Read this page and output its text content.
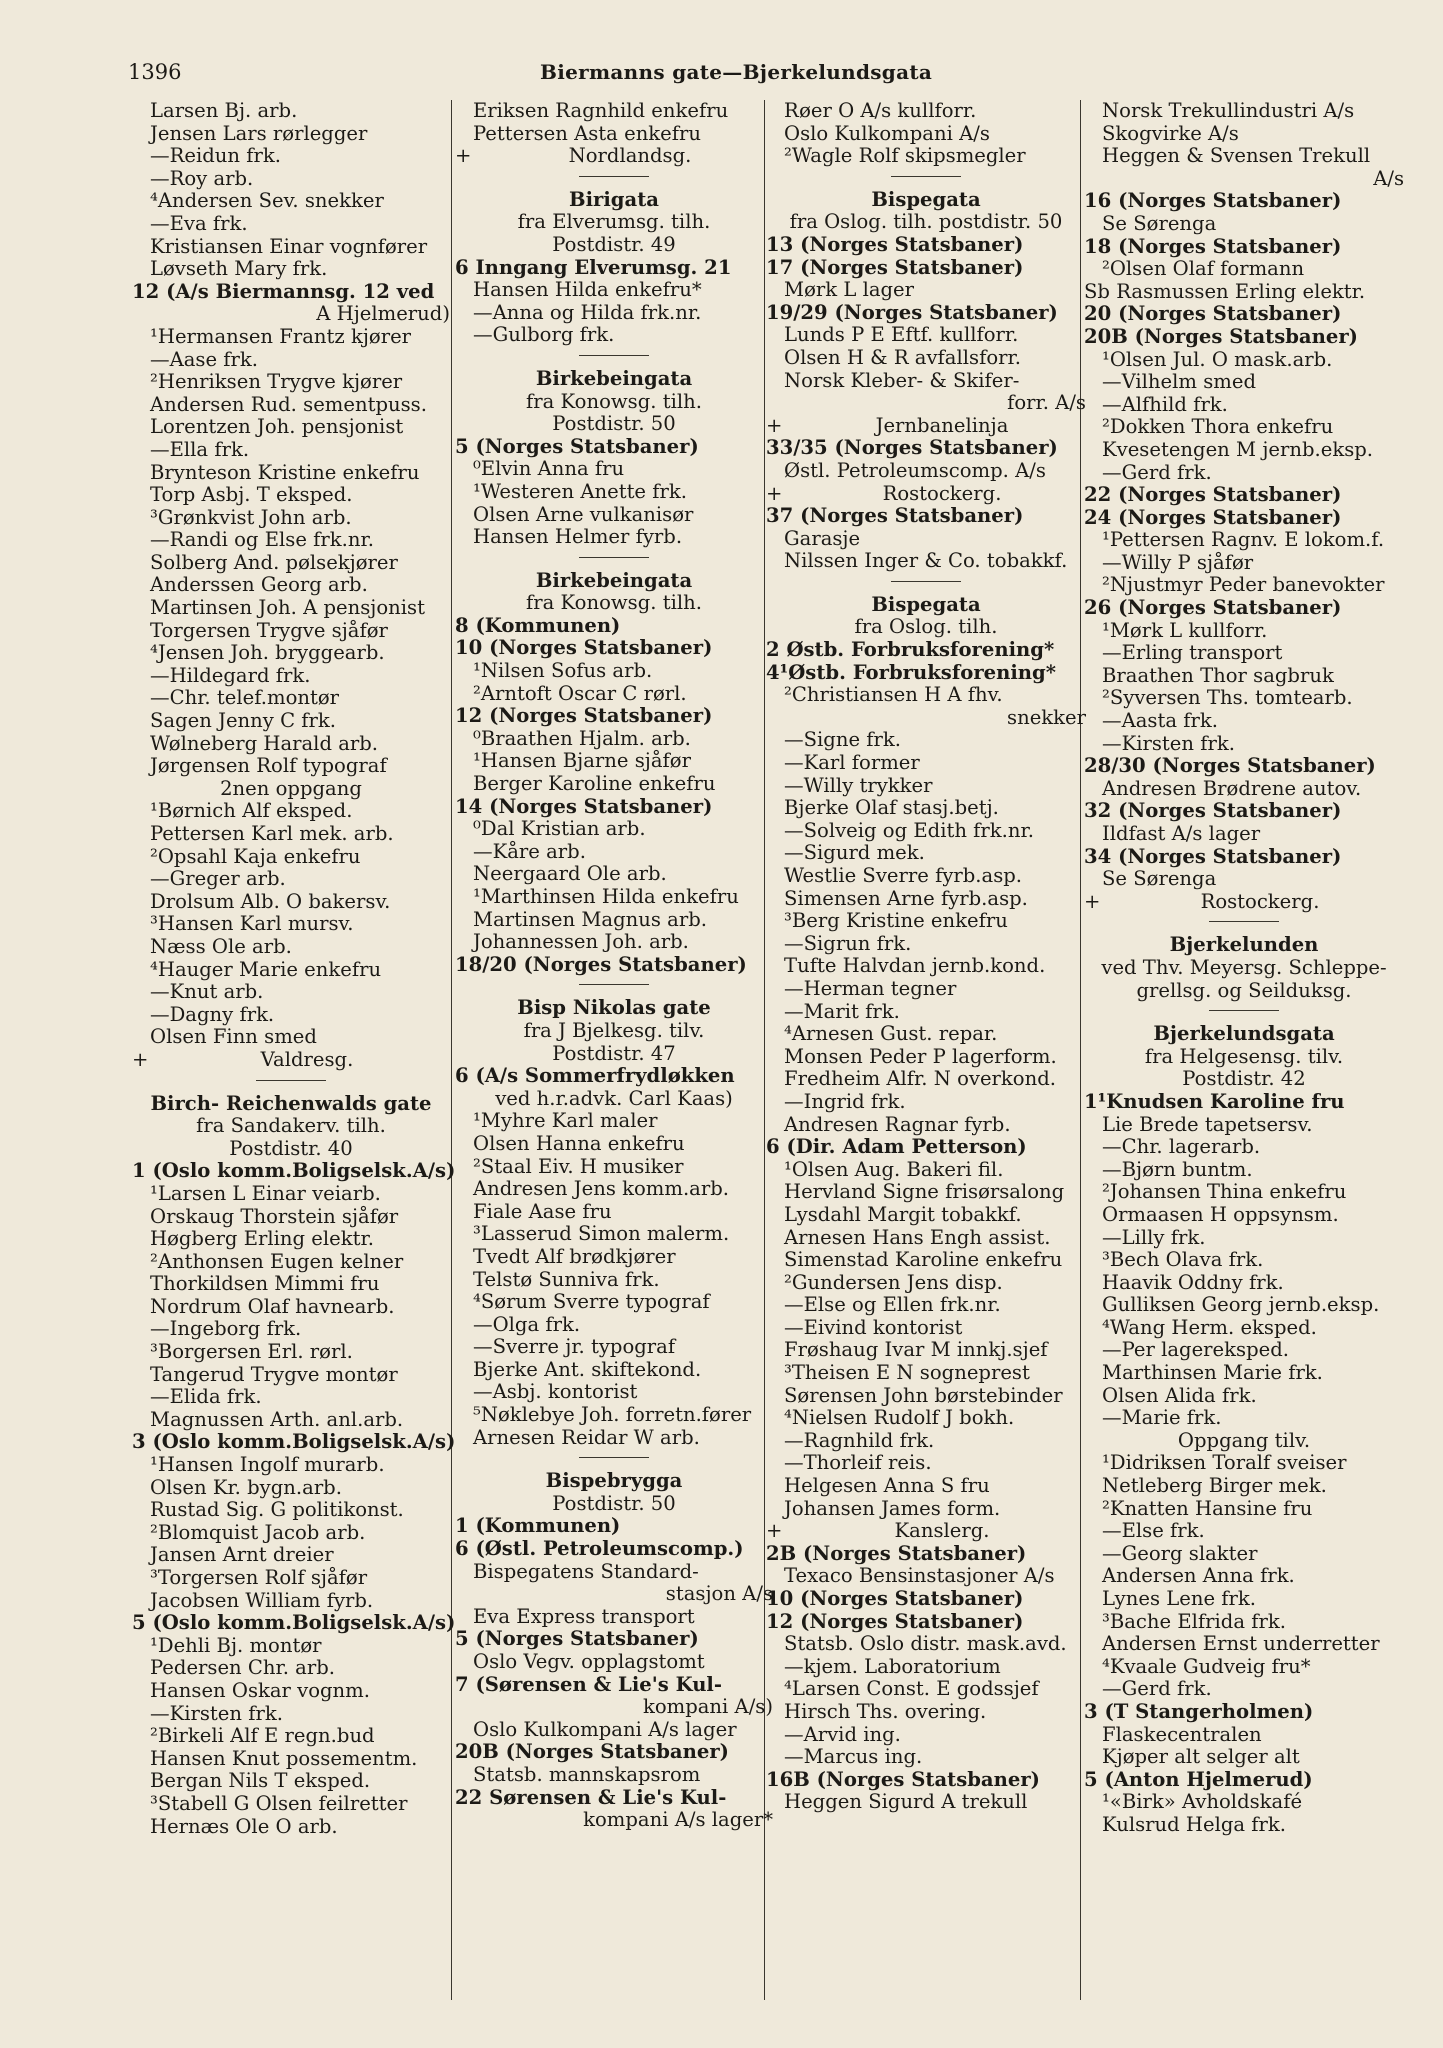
1396	Biermanns gate—Bjerkelundsgata
Larsen Bj. arb.
Jensen Lars rørlegger
—Reidun frk.
—Roy arb.
⁴Andersen Sev. snekker
—Eva frk.
Kristiansen Einar vognfører
Løvseth Mary frk.
12 (A/s Biermannsg. 12 ved
A Hjelmerud)
¹Hermansen Frantz kjører
—Aase frk.
²Henriksen Trygve kjører
Andersen Rud. sementpuss.
Lorentzen Joh. pensjonist
—Ella frk.
Brynteson Kristine enkefru
Torp Asbj. T eksped.
³Grønkvist John arb.
—Randi og Else frk.nr.
Solberg And. pølsekjører
Anderssen Georg arb.
Martinsen Joh. A pensjonist
Torgersen Trygve sjåfør
⁴Jensen Joh. bryggearb.
—Hildegard frk.
—Chr. telef.montør
Sagen Jenny C frk.
Wølneberg Harald arb.
Jørgensen Rolf typograf
2nen oppgang
¹Børnich Alf eksped.
Pettersen Karl mek. arb.
²Opsahl Kaja enkefru
—Greger arb.
Drolsum Alb. O bakersv.
³Hansen Karl mursv.
Næss Ole arb.
⁴Hauger Marie enkefru
—Knut arb.
—Dagny frk.
Olsen Finn smed
+	Valdresg.
Birch- Reichenwalds gate
fra Sandakerv. tilh.
Postdistr. 40
1 (Oslo komm.Boligselsk.A/s)
¹Larsen L Einar veiarb.
Orskaug Thorstein sjåfør
Høgberg Erling elektr.
²Anthonsen Eugen kelner
Thorkildsen Mimmi fru
Nordrum Olaf havnearb.
—Ingeborg frk.
³Borgersen Erl. rørl.
Tangerud Trygve montør
—Elida frk.
Magnussen Arth. anl.arb.
3 (Oslo komm.Boligselsk.A/s)
¹Hansen Ingolf murarb.
Olsen Kr. bygn.arb.
Rustad Sig. G politikonst.
²Blomquist Jacob arb.
Jansen Arnt dreier
³Torgersen Rolf sjåfør
Jacobsen William fyrb.
5 (Oslo komm.Boligselsk.A/s)
¹Dehli Bj. montør
Pedersen Chr. arb.
Hansen Oskar vognm.
—Kirsten frk.
²Birkeli Alf E regn.bud
Hansen Knut possementm.
Bergan Nils T eksped.
³Stabell G Olsen feilretter
Hernæs Ole O arb.
Eriksen Ragnhild enkefru
Pettersen Asta enkefru
+	Nordlandsg.
Birigata
fra Elverumsg. tilh.
Postdistr. 49
6 Inngang Elverumsg. 21
Hansen Hilda enkefru*
—Anna og Hilda frk.nr.
—Gulborg frk.
Birkebeingata
fra Konowsg. tilh.
Postdistr. 50
5 (Norges Statsbaner)
⁰Elvin Anna fru
¹Westeren Anette frk.
Olsen Arne vulkanisør
Hansen Helmer fyrb.
Birkebeingata
fra Konowsg. tilh.
8 (Kommunen)
10 (Norges Statsbaner)
¹Nilsen Sofus arb.
²Arntoft Oscar C rørl.
12 (Norges Statsbaner)
⁰Braathen Hjalm. arb.
¹Hansen Bjarne sjåfør
Berger Karoline enkefru
14 (Norges Statsbaner)
⁰Dal Kristian arb.
—Kåre arb.
Neergaard Ole arb.
¹Marthinsen Hilda enkefru
Martinsen Magnus arb.
Johannessen Joh. arb.
18/20 (Norges Statsbaner)
Bisp Nikolas gate
fra J Bjelkesg. tilv.
Postdistr. 47
6 (A/s Sommerfrydløkken
ved h.r.advk. Carl Kaas)
¹Myhre Karl maler
Olsen Hanna enkefru
²Staal Eiv. H musiker
Andresen Jens komm.arb.
Fiale Aase fru
³Lasserud Simon malerm.
Tvedt Alf brødkjører
Telstø Sunniva frk.
⁴Sørum Sverre typograf
—Olga frk.
—Sverre jr. typograf
Bjerke Ant. skiftekond.
—Asbj. kontorist
⁵Nøklebye Joh. forretn.fører
Arnesen Reidar W arb.
Bispebrygga
Postdistr. 50
1 (Kommunen)
6 (Østl. Petroleumscomp.)
Bispegatens Standard-
stasjon A/s
Eva Express transport
5 (Norges Statsbaner)
Oslo Vegv. opplagstomt
7 (Sørensen & Lie's Kul-
kompani A/s)
Oslo Kulkompani A/s lager
20B (Norges Statsbaner)
Statsb. mannskapsrom
22 Sørensen & Lie's Kul-
kompani A/s lager*
Røer O A/s kullforr.
Oslo Kulkompani A/s
²Wagle Rolf skipsmegler
Bispegata
fra Oslog. tilh. postdistr. 50
13 (Norges Statsbaner)
17 (Norges Statsbaner)
Mørk L lager
19/29 (Norges Statsbaner)
Lunds P E Eftf. kullforr.
Olsen H & R avfallsforr.
Norsk Kleber- & Skifer-
forr. A/s
+	Jernbanelinja
33/35 (Norges Statsbaner)
Østl. Petroleumscomp. A/s
+	Rostockerg.
37 (Norges Statsbaner)
Garasje
Nilssen Inger & Co. tobakkf.
Bispegata
fra Oslog. tilh.
2 Østb. Forbruksforening*
4¹Østb. Forbruksforening*
²Christiansen H A fhv.
snekker
—Signe frk.
—Karl former
—Willy trykker
Bjerke Olaf stasj.betj.
—Solveig og Edith frk.nr.
—Sigurd mek.
Westlie Sverre fyrb.asp.
Simensen Arne fyrb.asp.
³Berg Kristine enkefru
—Sigrun frk.
Tufte Halvdan jernb.kond.
—Herman tegner
—Marit frk.
⁴Arnesen Gust. repar.
Monsen Peder P lagerform.
Fredheim Alfr. N overkond.
—Ingrid frk.
Andresen Ragnar fyrb.
6 (Dir. Adam Petterson)
¹Olsen Aug. Bakeri fil.
Hervland Signe frisørsalong
Lysdahl Margit tobakkf.
Arnesen Hans Engh assist.
Simenstad Karoline enkefru
²Gundersen Jens disp.
—Else og Ellen frk.nr.
—Eivind kontorist
Frøshaug Ivar M innkj.sjef
³Theisen E N sogneprest
Sørensen John børstebinder
⁴Nielsen Rudolf J bokh.
—Ragnhild frk.
—Thorleif reis.
Helgesen Anna S fru
Johansen James form.
+	Kanslerg.
2B (Norges Statsbaner)
Texaco Bensinstasjoner A/s
10 (Norges Statsbaner)
12 (Norges Statsbaner)
Statsb. Oslo distr. mask.avd.
—kjem. Laboratorium
⁴Larsen Const. E godssjef
Hirsch Ths. overing.
—Arvid ing.
—Marcus ing.
16B (Norges Statsbaner)
Heggen Sigurd A trekull
Norsk Trekullindustri A/s
Skogvirke A/s
Heggen & Svensen Trekull
A/s
16 (Norges Statsbaner)
Se Sørenga
18 (Norges Statsbaner)
²Olsen Olaf formann
Sb Rasmussen Erling elektr.
20 (Norges Statsbaner)
20B (Norges Statsbaner)
¹Olsen Jul. O mask.arb.
—Vilhelm smed
—Alfhild frk.
²Dokken Thora enkefru
Kvesetengen M jernb.eksp.
—Gerd frk.
22 (Norges Statsbaner)
24 (Norges Statsbaner)
¹Pettersen Ragnv. E lokom.f.
—Willy P sjåfør
²Njustmyr Peder banevokter
26 (Norges Statsbaner)
¹Mørk L kullforr.
—Erling transport
Braathen Thor sagbruk
²Syversen Ths. tomtearb.
—Aasta frk.
—Kirsten frk.
28/30 (Norges Statsbaner)
Andresen Brødrene autov.
32 (Norges Statsbaner)
Ildfast A/s lager
34 (Norges Statsbaner)
Se Sørenga
+	Rostockerg.
Bjerkelunden
ved Thv. Meyersg. Schleppe-
grellsg. og Seilduksg.
Bjerkelundsgata
fra Helgesensg. tilv.
Postdistr. 42
1¹Knudsen Karoline fru
Lie Brede tapetsersv.
—Chr. lagerarb.
—Bjørn buntm.
²Johansen Thina enkefru
Ormaasen H oppsynsm.
—Lilly frk.
³Bech Olava frk.
Haavik Oddny frk.
Gulliksen Georg jernb.eksp.
⁴Wang Herm. eksped.
—Per lagereksped.
Marthinsen Marie frk.
Olsen Alida frk.
—Marie frk.
Oppgang tilv.
¹Didriksen Toralf sveiser
Netleberg Birger mek.
²Knatten Hansine fru
—Else frk.
—Georg slakter
Andersen Anna frk.
Lynes Lene frk.
³Bache Elfrida frk.
Andersen Ernst underretter
⁴Kvaale Gudveig fru*
—Gerd frk.
3 (T Stangerholmen)
Flaskecentralen
Kjøper alt selger alt
5 (Anton Hjelmerud)
¹«Birk» Avholdskafé
Kulsrud Helga frk.
